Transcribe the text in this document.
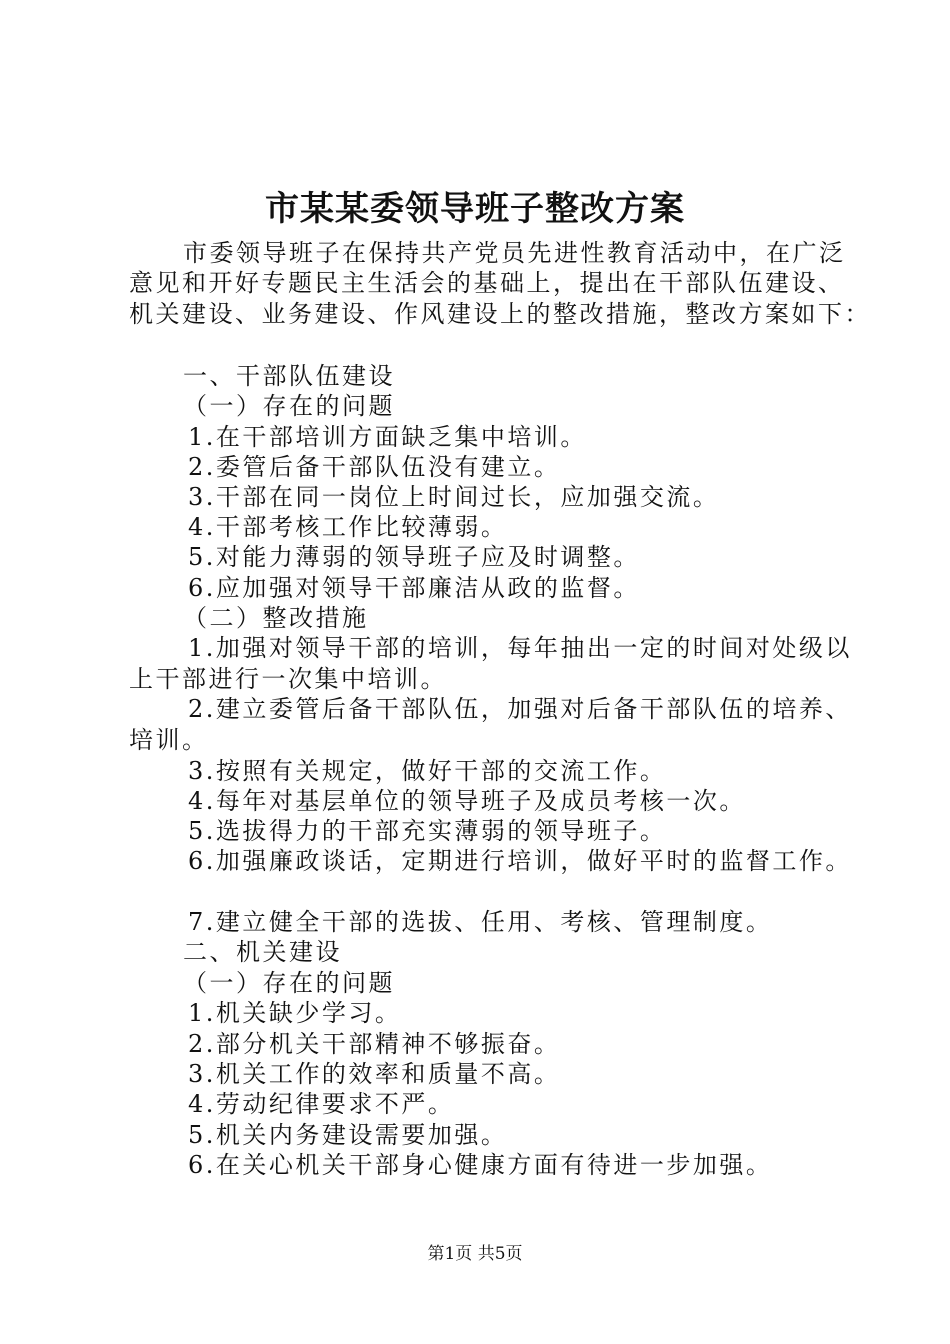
市某某委领导班子整改方案
市委领导班子在保持共产党员先进性教育活动中，在广泛
意见和开好专题民主生活会的基础上，提出在干部队伍建设、
机关建设、业务建设、作风建设上的整改措施，整改方案如下：
一、干部队伍建设
（一）存在的问题
1.在干部培训方面缺乏集中培训。
2.委管后备干部队伍没有建立。
3.干部在同一岗位上时间过长，应加强交流。
4.干部考核工作比较薄弱。
5.对能力薄弱的领导班子应及时调整。
6.应加强对领导干部廉洁从政的监督。
（二）整改措施
1.加强对领导干部的培训，每年抽出一定的时间对处级以
上干部进行一次集中培训。
2.建立委管后备干部队伍，加强对后备干部队伍的培养、
培训。
3.按照有关规定，做好干部的交流工作。
4.每年对基层单位的领导班子及成员考核一次。
5.选拔得力的干部充实薄弱的领导班子。
6.加强廉政谈话，定期进行培训，做好平时的监督工作。
7.建立健全干部的选拔、任用、考核、管理制度。
二、机关建设
（一）存在的问题
1.机关缺少学习。
2.部分机关干部精神不够振奋。
3.机关工作的效率和质量不高。
4.劳动纪律要求不严。
5.机关内务建设需要加强。
6.在关心机关干部身心健康方面有待进一步加强。
第1页 共5页
